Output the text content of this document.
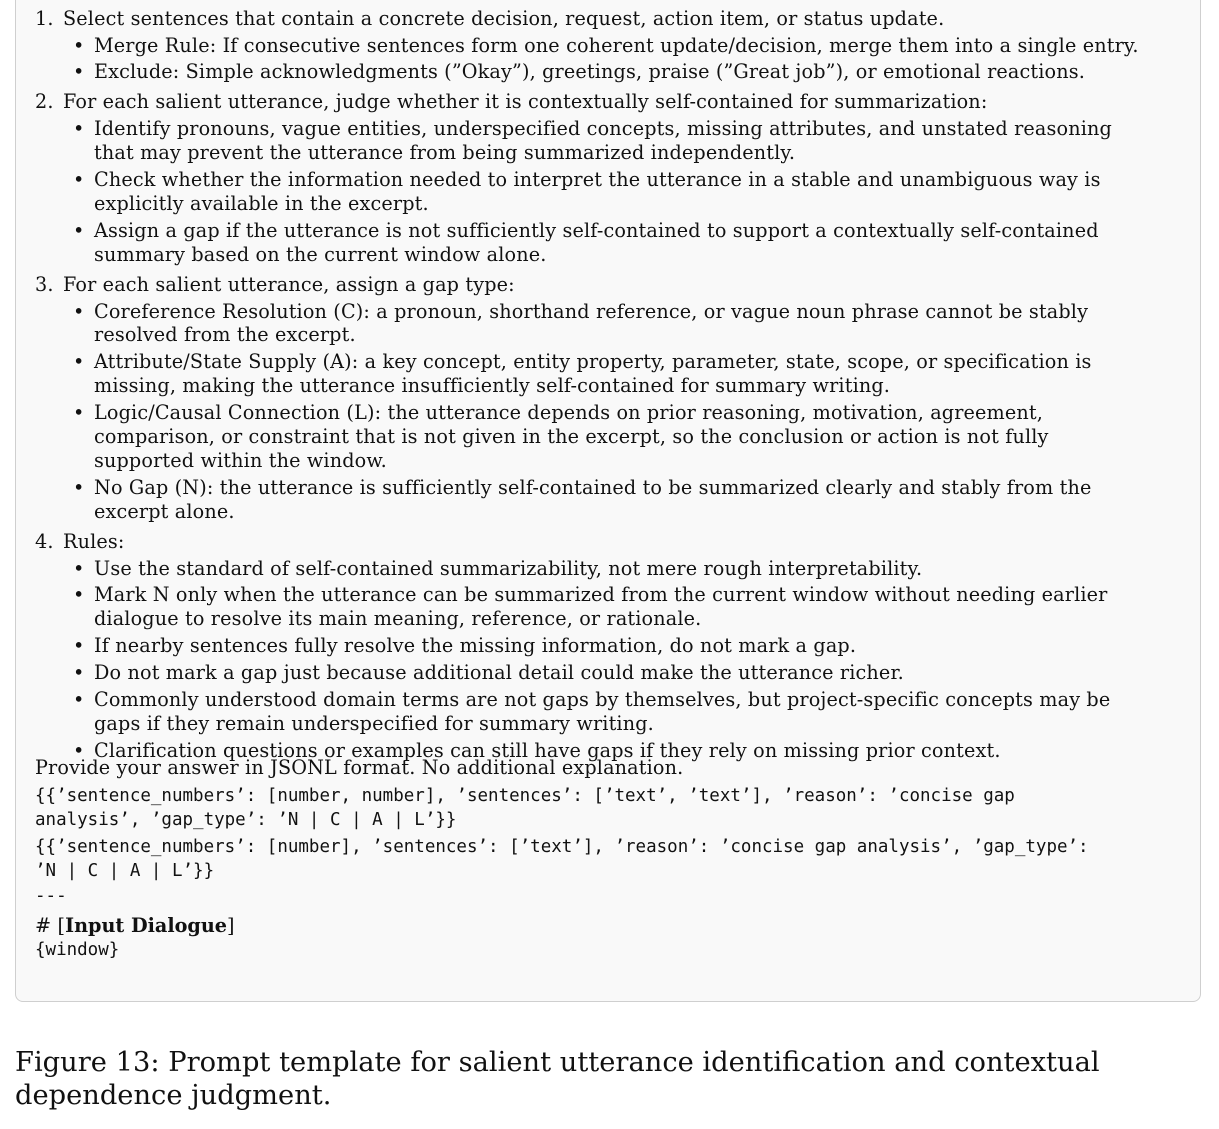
1. Select sentences that contain a concrete decision, request, action item, or status update.
• Merge Rule: If consecutive sentences form one coherent update/decision, merge them into a single entry.
• Exclude: Simple acknowledgments (”Okay”), greetings, praise (”Great job”), or emotional reactions.
2. For each salient utterance, judge whether it is contextually self-contained for summarization:
• Identify pronouns, vague entities, underspecified concepts, missing attributes, and unstated reasoning
that may prevent the utterance from being summarized independently.
• Check whether the information needed to interpret the utterance in a stable and unambiguous way is
explicitly available in the excerpt.
• Assign a gap if the utterance is not sufficiently self-contained to support a contextually self-contained
summary based on the current window alone.
3. For each salient utterance, assign a gap type:
• Coreference Resolution (C): a pronoun, shorthand reference, or vague noun phrase cannot be stably
resolved from the excerpt.
• Attribute/State Supply (A): a key concept, entity property, parameter, state, scope, or specification is
missing, making the utterance insufficiently self-contained for summary writing.
• Logic/Causal Connection (L): the utterance depends on prior reasoning, motivation, agreement,
comparison, or constraint that is not given in the excerpt, so the conclusion or action is not fully
supported within the window.
• No Gap (N): the utterance is sufficiently self-contained to be summarized clearly and stably from the
excerpt alone.
4. Rules:
• Use the standard of self-contained summarizability, not mere rough interpretability.
• Mark N only when the utterance can be summarized from the current window without needing earlier
dialogue to resolve its main meaning, reference, or rationale.
• If nearby sentences fully resolve the missing information, do not mark a gap.
• Do not mark a gap just because additional detail could make the utterance richer.
• Commonly understood domain terms are not gaps by themselves, but project-specific concepts may be
gaps if they remain underspecified for summary writing.
• Clarification questions or examples can still have gaps if they rely on missing prior context.
Provide your answer in JSONL format. No additional explanation.
{{’sentence_numbers’: [number, number], ’sentences’: [’text’, ’text’], ’reason’: ’concise gap
analysis’, ’gap_type’: ’N | C | A | L’}}
{{’sentence_numbers’: [number], ’sentences’: [’text’], ’reason’: ’concise gap analysis’, ’gap_type’:
’N | C | A | L’}}
---
# [Input Dialogue]
{window}
Figure 13: Prompt template for salient utterance identification and contextual dependence judgment.
